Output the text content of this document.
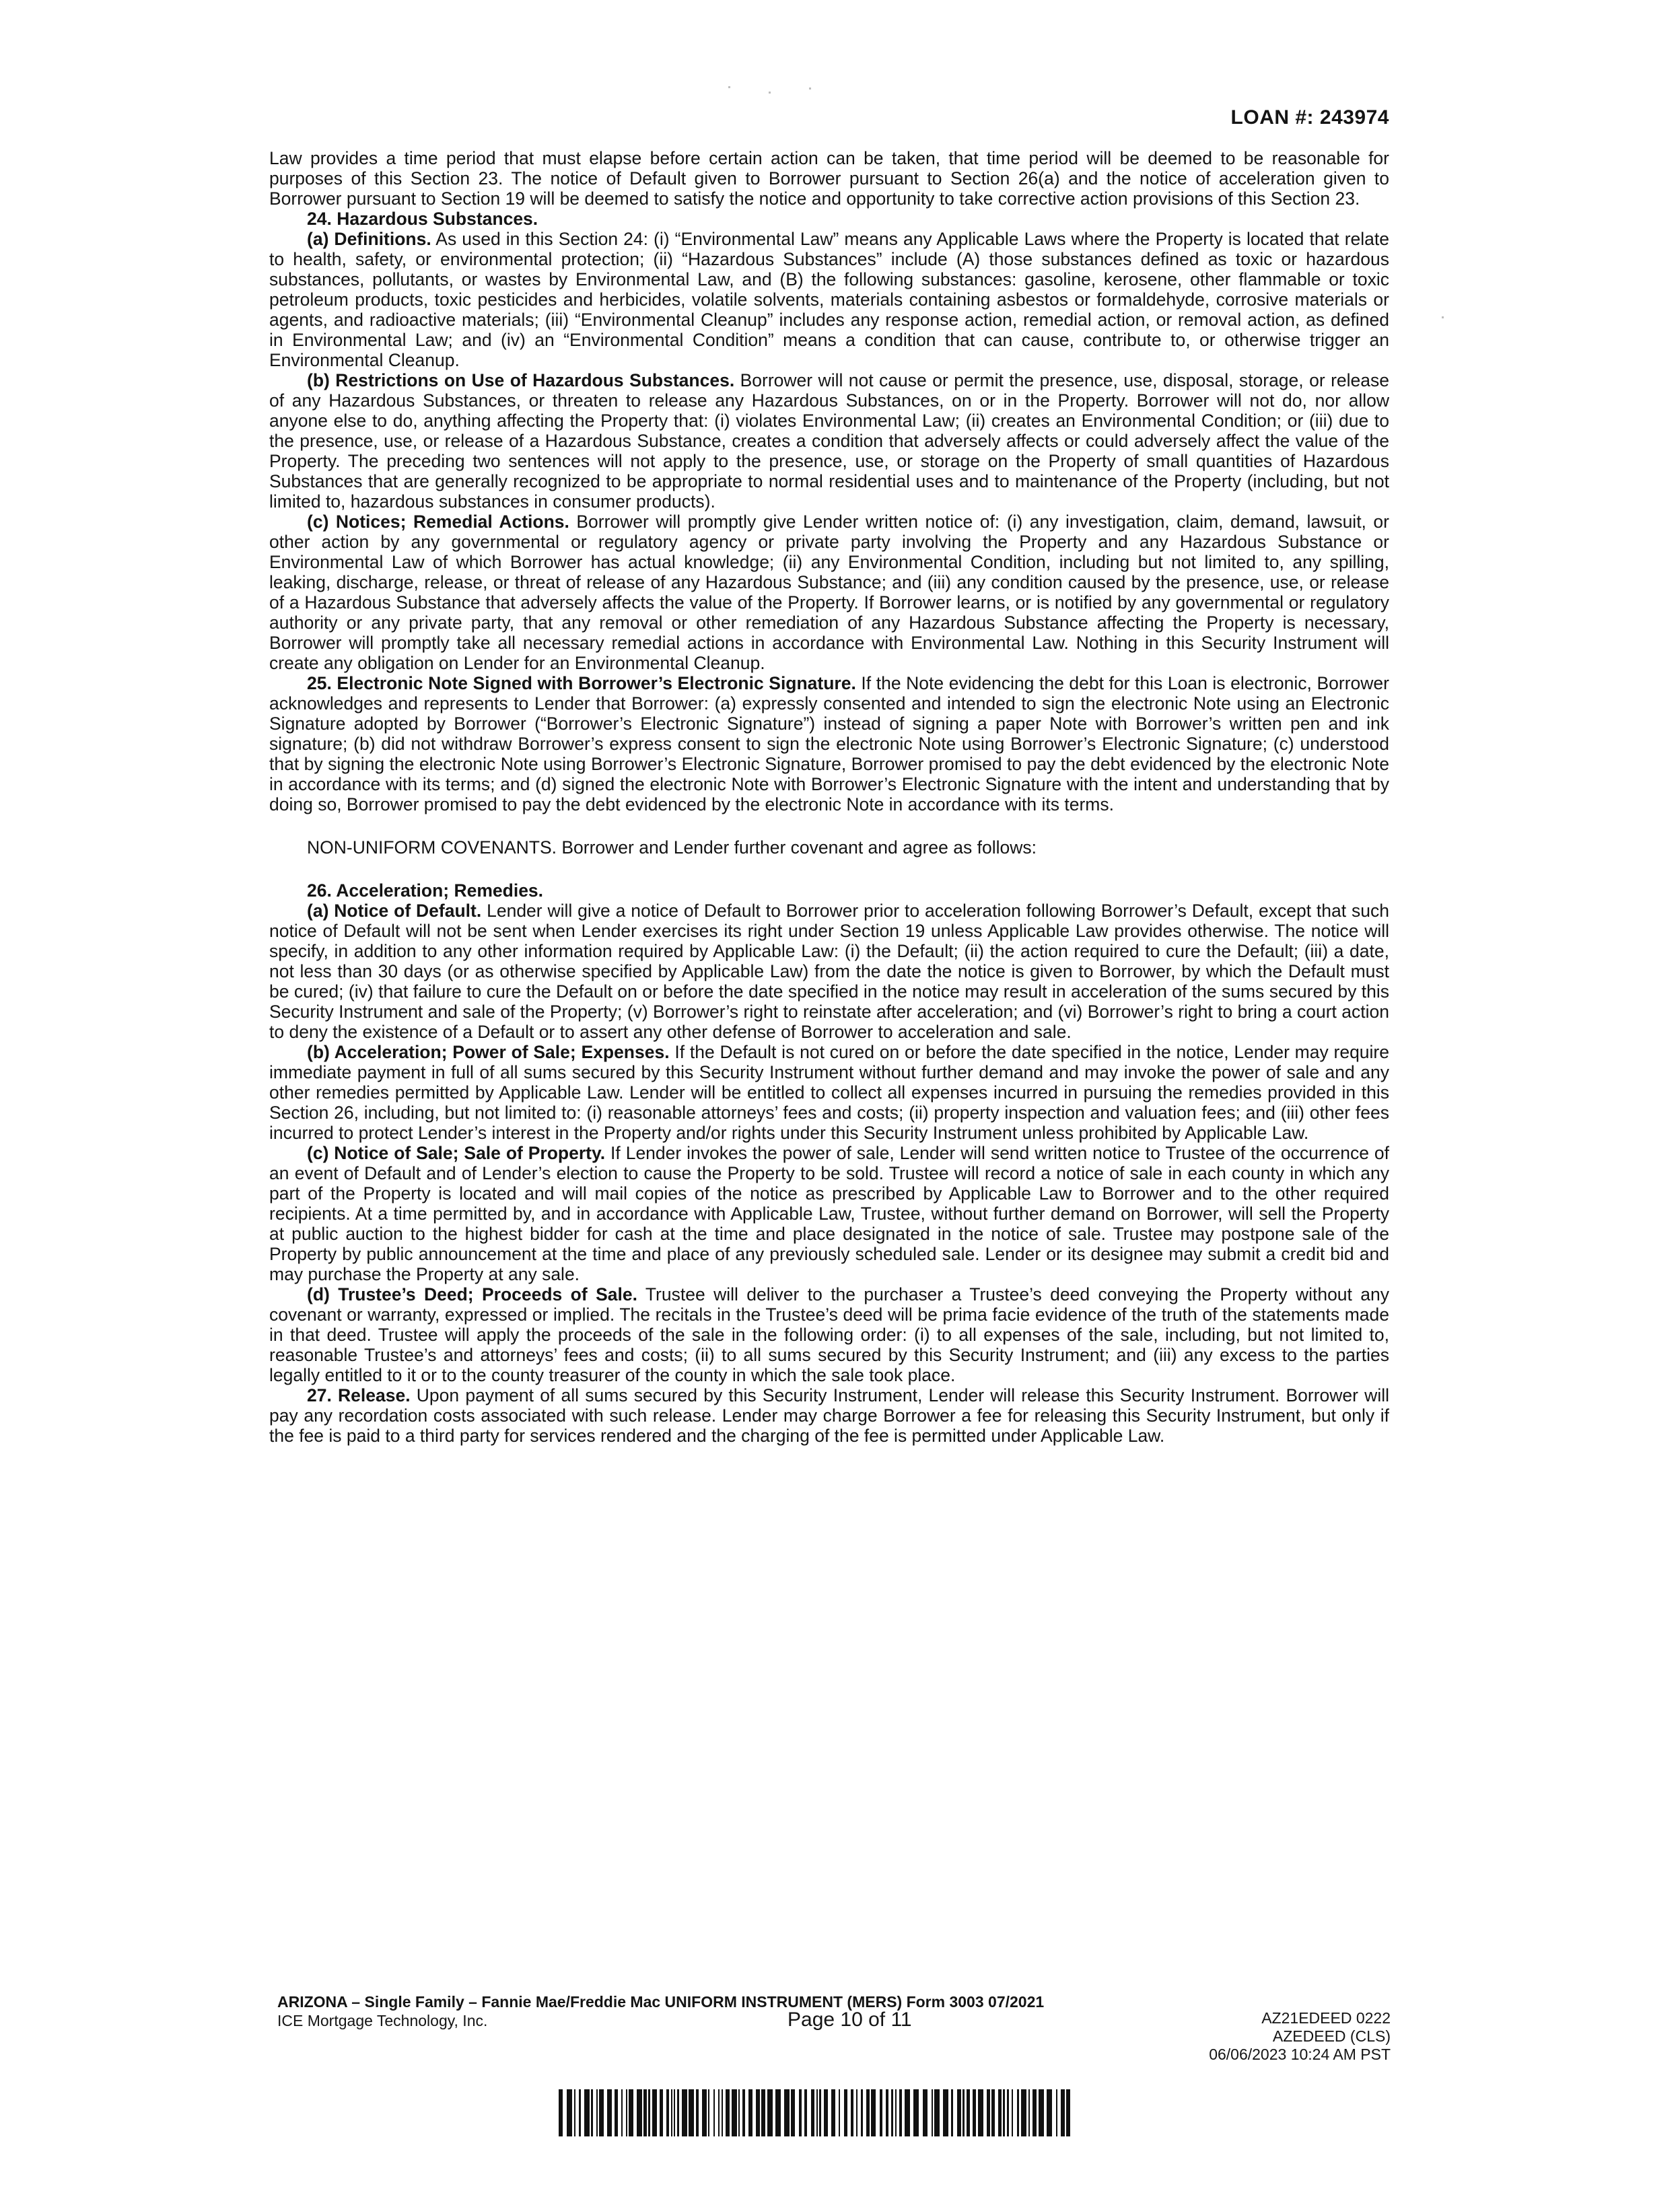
LOAN #: 243974

Law provides a time period that must elapse before certain action can be taken, that time period will be deemed to be reasonable for purposes of this Section 23. The notice of Default given to Borrower pursuant to Section 26(a) and the notice of acceleration given to Borrower pursuant to Section 19 will be deemed to satisfy the notice and opportunity to take corrective action provisions of this Section 23.

24. Hazardous Substances.

(a) Definitions. As used in this Section 24: (i) “Environmental Law” means any Applicable Laws where the Property is located that relate to health, safety, or environmental protection; (ii) “Hazardous Substances” include (A) those substances defined as toxic or hazardous substances, pollutants, or wastes by Environmental Law, and (B) the following substances: gasoline, kerosene, other flammable or toxic petroleum products, toxic pesticides and herbicides, volatile solvents, materials containing asbestos or formaldehyde, corrosive materials or agents, and radioactive materials; (iii) “Environmental Cleanup” includes any response action, remedial action, or removal action, as defined in Environmental Law; and (iv) an “Environmental Condition” means a condition that can cause, contribute to, or otherwise trigger an Environmental Cleanup.

(b) Restrictions on Use of Hazardous Substances. Borrower will not cause or permit the presence, use, disposal, storage, or release of any Hazardous Substances, or threaten to release any Hazardous Substances, on or in the Property. Borrower will not do, nor allow anyone else to do, anything affecting the Property that: (i) violates Environmental Law; (ii) creates an Environmental Condition; or (iii) due to the presence, use, or release of a Hazardous Substance, creates a condition that adversely affects or could adversely affect the value of the Property. The preceding two sentences will not apply to the presence, use, or storage on the Property of small quantities of Hazardous Substances that are generally recognized to be appropriate to normal residential uses and to maintenance of the Property (including, but not limited to, hazardous substances in consumer products).

(c) Notices; Remedial Actions. Borrower will promptly give Lender written notice of: (i) any investigation, claim, demand, lawsuit, or other action by any governmental or regulatory agency or private party involving the Property and any Hazardous Substance or Environmental Law of which Borrower has actual knowledge; (ii) any Environmental Condition, including but not limited to, any spilling, leaking, discharge, release, or threat of release of any Hazardous Substance; and (iii) any condition caused by the presence, use, or release of a Hazardous Substance that adversely affects the value of the Property. If Borrower learns, or is notified by any governmental or regulatory authority or any private party, that any removal or other remediation of any Hazardous Substance affecting the Property is necessary, Borrower will promptly take all necessary remedial actions in accordance with Environmental Law. Nothing in this Security Instrument will create any obligation on Lender for an Environmental Cleanup.

25. Electronic Note Signed with Borrower’s Electronic Signature. If the Note evidencing the debt for this Loan is electronic, Borrower acknowledges and represents to Lender that Borrower: (a) expressly consented and intended to sign the electronic Note using an Electronic Signature adopted by Borrower (“Borrower’s Electronic Signature”) instead of signing a paper Note with Borrower’s written pen and ink signature; (b) did not withdraw Borrower’s express consent to sign the electronic Note using Borrower’s Electronic Signature; (c) understood that by signing the electronic Note using Borrower’s Electronic Signature, Borrower promised to pay the debt evidenced by the electronic Note in accordance with its terms; and (d) signed the electronic Note with Borrower’s Electronic Signature with the intent and understanding that by doing so, Borrower promised to pay the debt evidenced by the electronic Note in accordance with its terms.

NON-UNIFORM COVENANTS. Borrower and Lender further covenant and agree as follows:

26. Acceleration; Remedies.

(a) Notice of Default. Lender will give a notice of Default to Borrower prior to acceleration following Borrower’s Default, except that such notice of Default will not be sent when Lender exercises its right under Section 19 unless Applicable Law provides otherwise. The notice will specify, in addition to any other information required by Applicable Law: (i) the Default; (ii) the action required to cure the Default; (iii) a date, not less than 30 days (or as otherwise specified by Applicable Law) from the date the notice is given to Borrower, by which the Default must be cured; (iv) that failure to cure the Default on or before the date specified in the notice may result in acceleration of the sums secured by this Security Instrument and sale of the Property; (v) Borrower’s right to reinstate after acceleration; and (vi) Borrower’s right to bring a court action to deny the existence of a Default or to assert any other defense of Borrower to acceleration and sale.

(b) Acceleration; Power of Sale; Expenses. If the Default is not cured on or before the date specified in the notice, Lender may require immediate payment in full of all sums secured by this Security Instrument without further demand and may invoke the power of sale and any other remedies permitted by Applicable Law. Lender will be entitled to collect all expenses incurred in pursuing the remedies provided in this Section 26, including, but not limited to: (i) reasonable attorneys’ fees and costs; (ii) property inspection and valuation fees; and (iii) other fees incurred to protect Lender’s interest in the Property and/or rights under this Security Instrument unless prohibited by Applicable Law.

(c) Notice of Sale; Sale of Property. If Lender invokes the power of sale, Lender will send written notice to Trustee of the occurrence of an event of Default and of Lender’s election to cause the Property to be sold. Trustee will record a notice of sale in each county in which any part of the Property is located and will mail copies of the notice as prescribed by Applicable Law to Borrower and to the other required recipients. At a time permitted by, and in accordance with Applicable Law, Trustee, without further demand on Borrower, will sell the Property at public auction to the highest bidder for cash at the time and place designated in the notice of sale. Trustee may postpone sale of the Property by public announcement at the time and place of any previously scheduled sale. Lender or its designee may submit a credit bid and may purchase the Property at any sale.

(d) Trustee’s Deed; Proceeds of Sale. Trustee will deliver to the purchaser a Trustee’s deed conveying the Property without any covenant or warranty, expressed or implied. The recitals in the Trustee’s deed will be prima facie evidence of the truth of the statements made in that deed. Trustee will apply the proceeds of the sale in the following order: (i) to all expenses of the sale, including, but not limited to, reasonable Trustee’s and attorneys’ fees and costs; (ii) to all sums secured by this Security Instrument; and (iii) any excess to the parties legally entitled to it or to the county treasurer of the county in which the sale took place.

27. Release. Upon payment of all sums secured by this Security Instrument, Lender will release this Security Instrument. Borrower will pay any recordation costs associated with such release. Lender may charge Borrower a fee for releasing this Security Instrument, but only if the fee is paid to a third party for services rendered and the charging of the fee is permitted under Applicable Law.

ARIZONA – Single Family – Fannie Mae/Freddie Mac UNIFORM INSTRUMENT (MERS) Form 3003 07/2021
ICE Mortgage Technology, Inc.	Page 10 of 11	AZ21EDEED 0222
AZEDEED (CLS)
06/06/2023 10:24 AM PST
